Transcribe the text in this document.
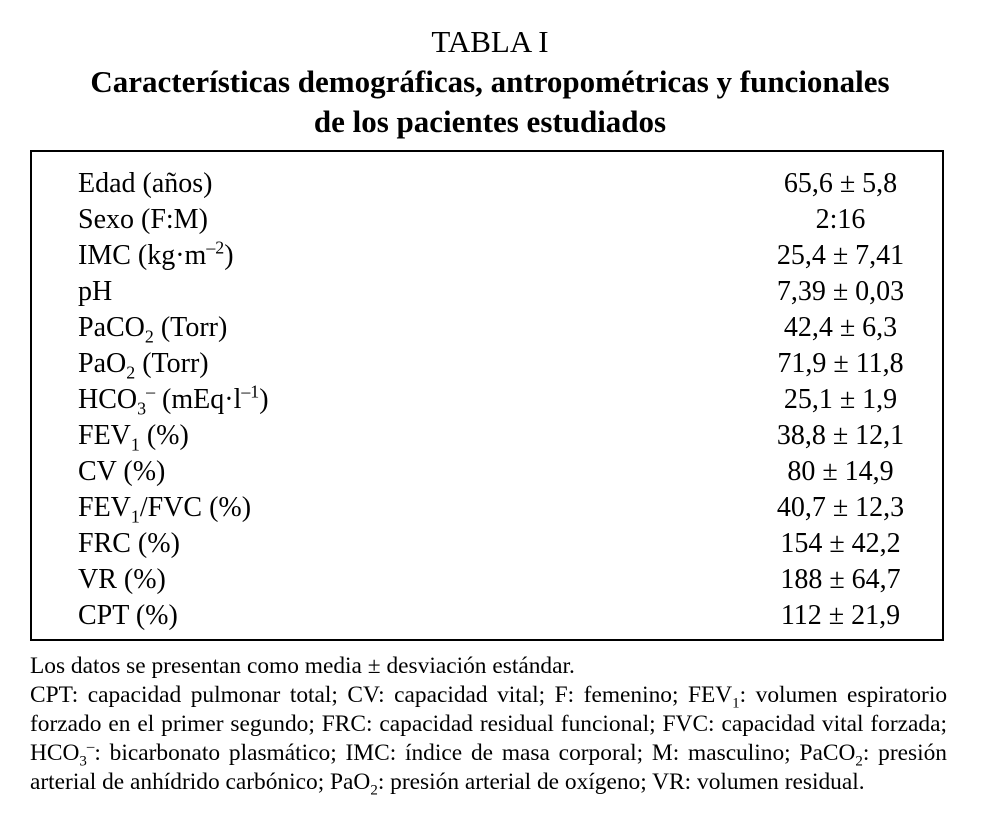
TABLA I
Características demográficas, antropométricas y funcionales
de los pacientes estudiados
Edad (años)	65,6 ± 5,8
Sexo (F:M)	2:16
IMC $(kg\cdot m^{-2})$	25,4 ± 7,41
pH	7,39 ± 0,03
PaCO$_2$ (Torr)	42,4 ± 6,3
PaO$_2$ (Torr)	71,9 ± 11,8
$HCO_3^-$ $(mEq\cdot l^{-1})$	25,1 ± 1,9
$FEV_1$ (%)	38,8 ± 12,1
CV (%)	80 ± 14,9
$FEV_1$/FVC (%)	40,7 ± 12,3
FRC (%)	154 ± 42,2
VR (%)	188 ± 64,7
CPT (%)	112 ± 21,9

Los datos se presentan como media ± desviación estándar.

CPT: capacidad pulmonar total; CV: capacidad vital; F: femenino; $FEV_1$: volumen espiratorio forzado en el primer segundo; FRC: capacidad residual funcional; FVC: capacidad vital forzada; $HCO_3^-$: bicarbonato plasmático; IMC: índice de masa corporal; M: masculino; PaCO$_2$: presión arterial de anhídrido carbónico; PaO$_2$: presión arterial de oxígeno; VR: volumen residual.
